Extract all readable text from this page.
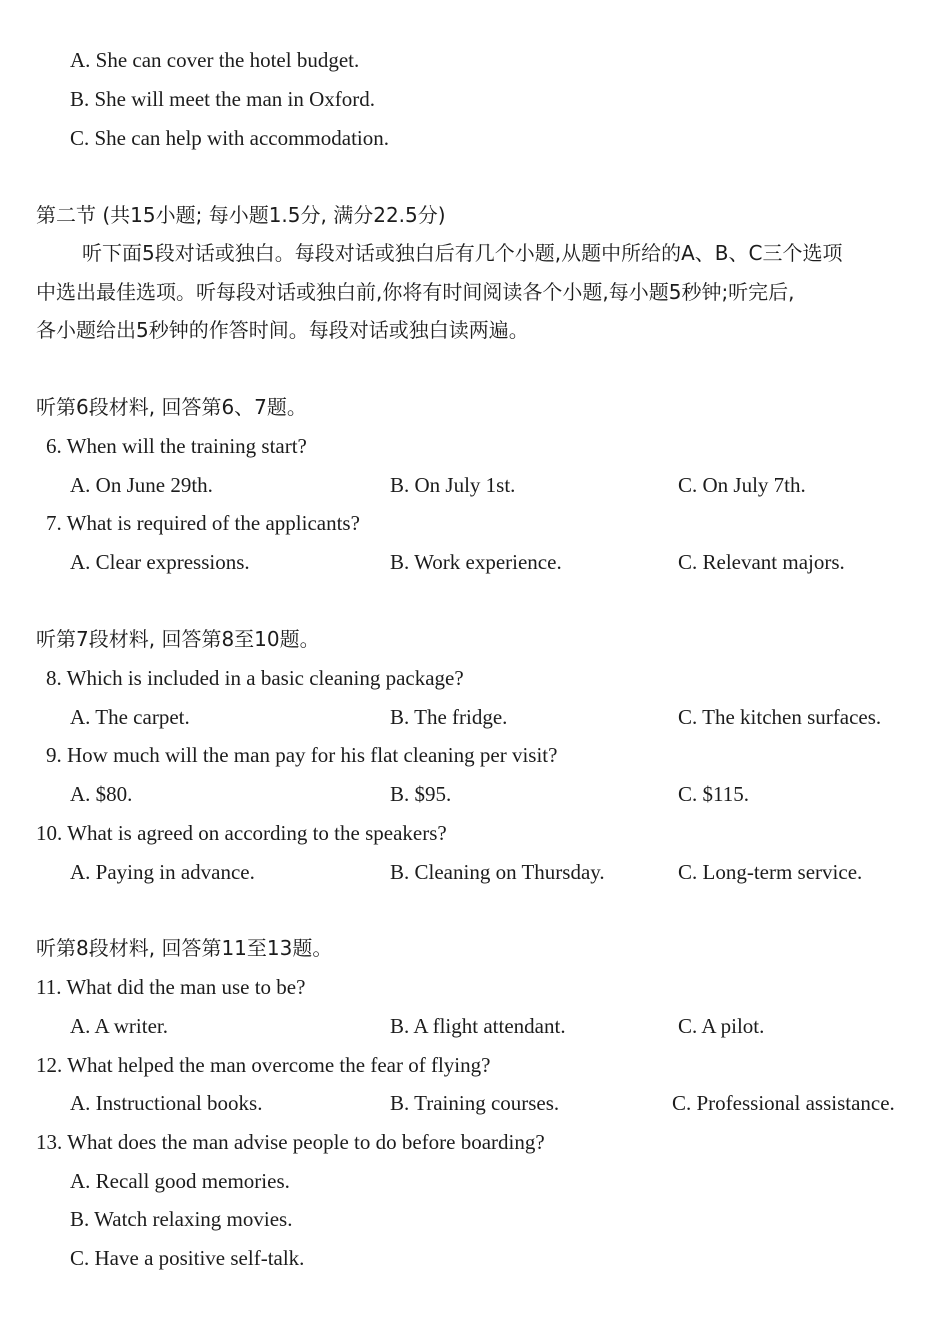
A. She can cover the hotel budget.
B. She will meet the man in Oxford.
C. She can help with accommodation.
第二节 (共15小题; 每小题1.5分, 满分22.5分)
听下面5段对话或独白。每段对话或独白后有几个小题,从题中所给的A、B、C三个选项
中选出最佳选项。听每段对话或独白前,你将有时间阅读各个小题,每小题5秒钟;听完后,
各小题给出5秒钟的作答时间。每段对话或独白读两遍。
听第6段材料, 回答第6、7题。
6. When will the training start?
A. On June 29th.	B. On July 1st.	C. On July 7th.
7. What is required of the applicants?
A. Clear expressions.	B. Work experience.	C. Relevant majors.
听第7段材料, 回答第8至10题。
8. Which is included in a basic cleaning package?
A. The carpet.	B. The fridge.	C. The kitchen surfaces.
9. How much will the man pay for his flat cleaning per visit?
A. $80.	B. $95.	C. $115.
10. What is agreed on according to the speakers?
A. Paying in advance.	B. Cleaning on Thursday.	C. Long-term service.
听第8段材料, 回答第11至13题。
11. What did the man use to be?
A. A writer.	B. A flight attendant.	C. A pilot.
12. What helped the man overcome the fear of flying?
A. Instructional books.	B. Training courses.	C. Professional assistance.
13. What does the man advise people to do before boarding?
A. Recall good memories.
B. Watch relaxing movies.
C. Have a positive self-talk.
